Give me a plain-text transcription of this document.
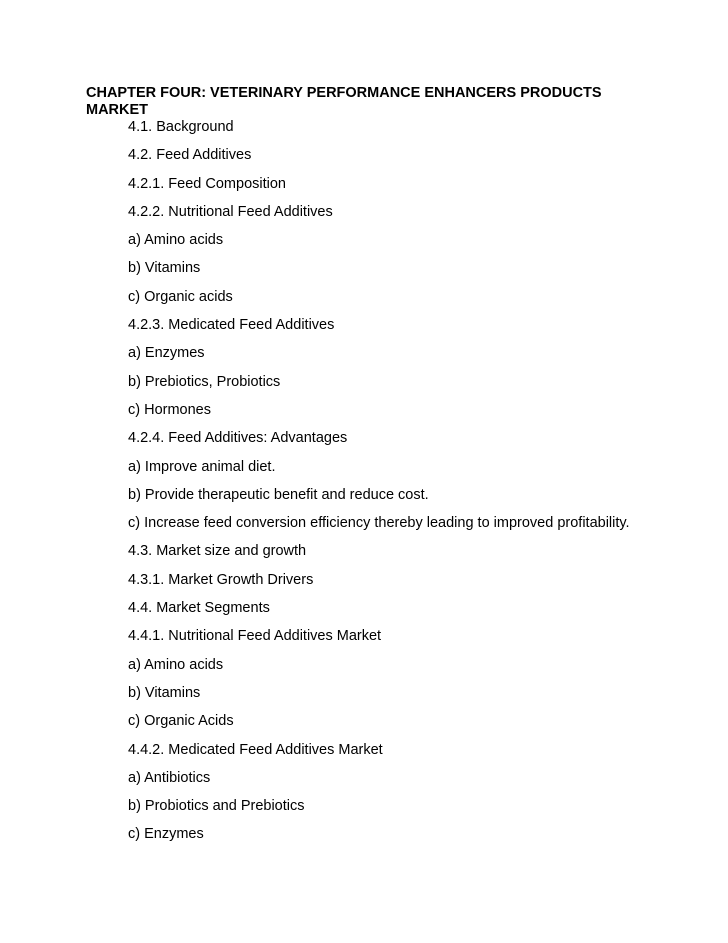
CHAPTER FOUR: VETERINARY PERFORMANCE ENHANCERS PRODUCTS MARKET
4.1. Background
4.2. Feed Additives
4.2.1. Feed Composition
4.2.2. Nutritional Feed Additives
a) Amino acids
b) Vitamins
c) Organic acids
4.2.3. Medicated Feed Additives
a) Enzymes
b) Prebiotics, Probiotics
c) Hormones
4.2.4. Feed Additives: Advantages
a) Improve animal diet.
b) Provide therapeutic benefit and reduce cost.
c) Increase feed conversion efficiency thereby leading to improved profitability.
4.3. Market size and growth
4.3.1. Market Growth Drivers
4.4. Market Segments
4.4.1. Nutritional Feed Additives Market
a) Amino acids
b) Vitamins
c) Organic Acids
4.4.2. Medicated Feed Additives Market
a) Antibiotics
b) Probiotics and Prebiotics
c) Enzymes
